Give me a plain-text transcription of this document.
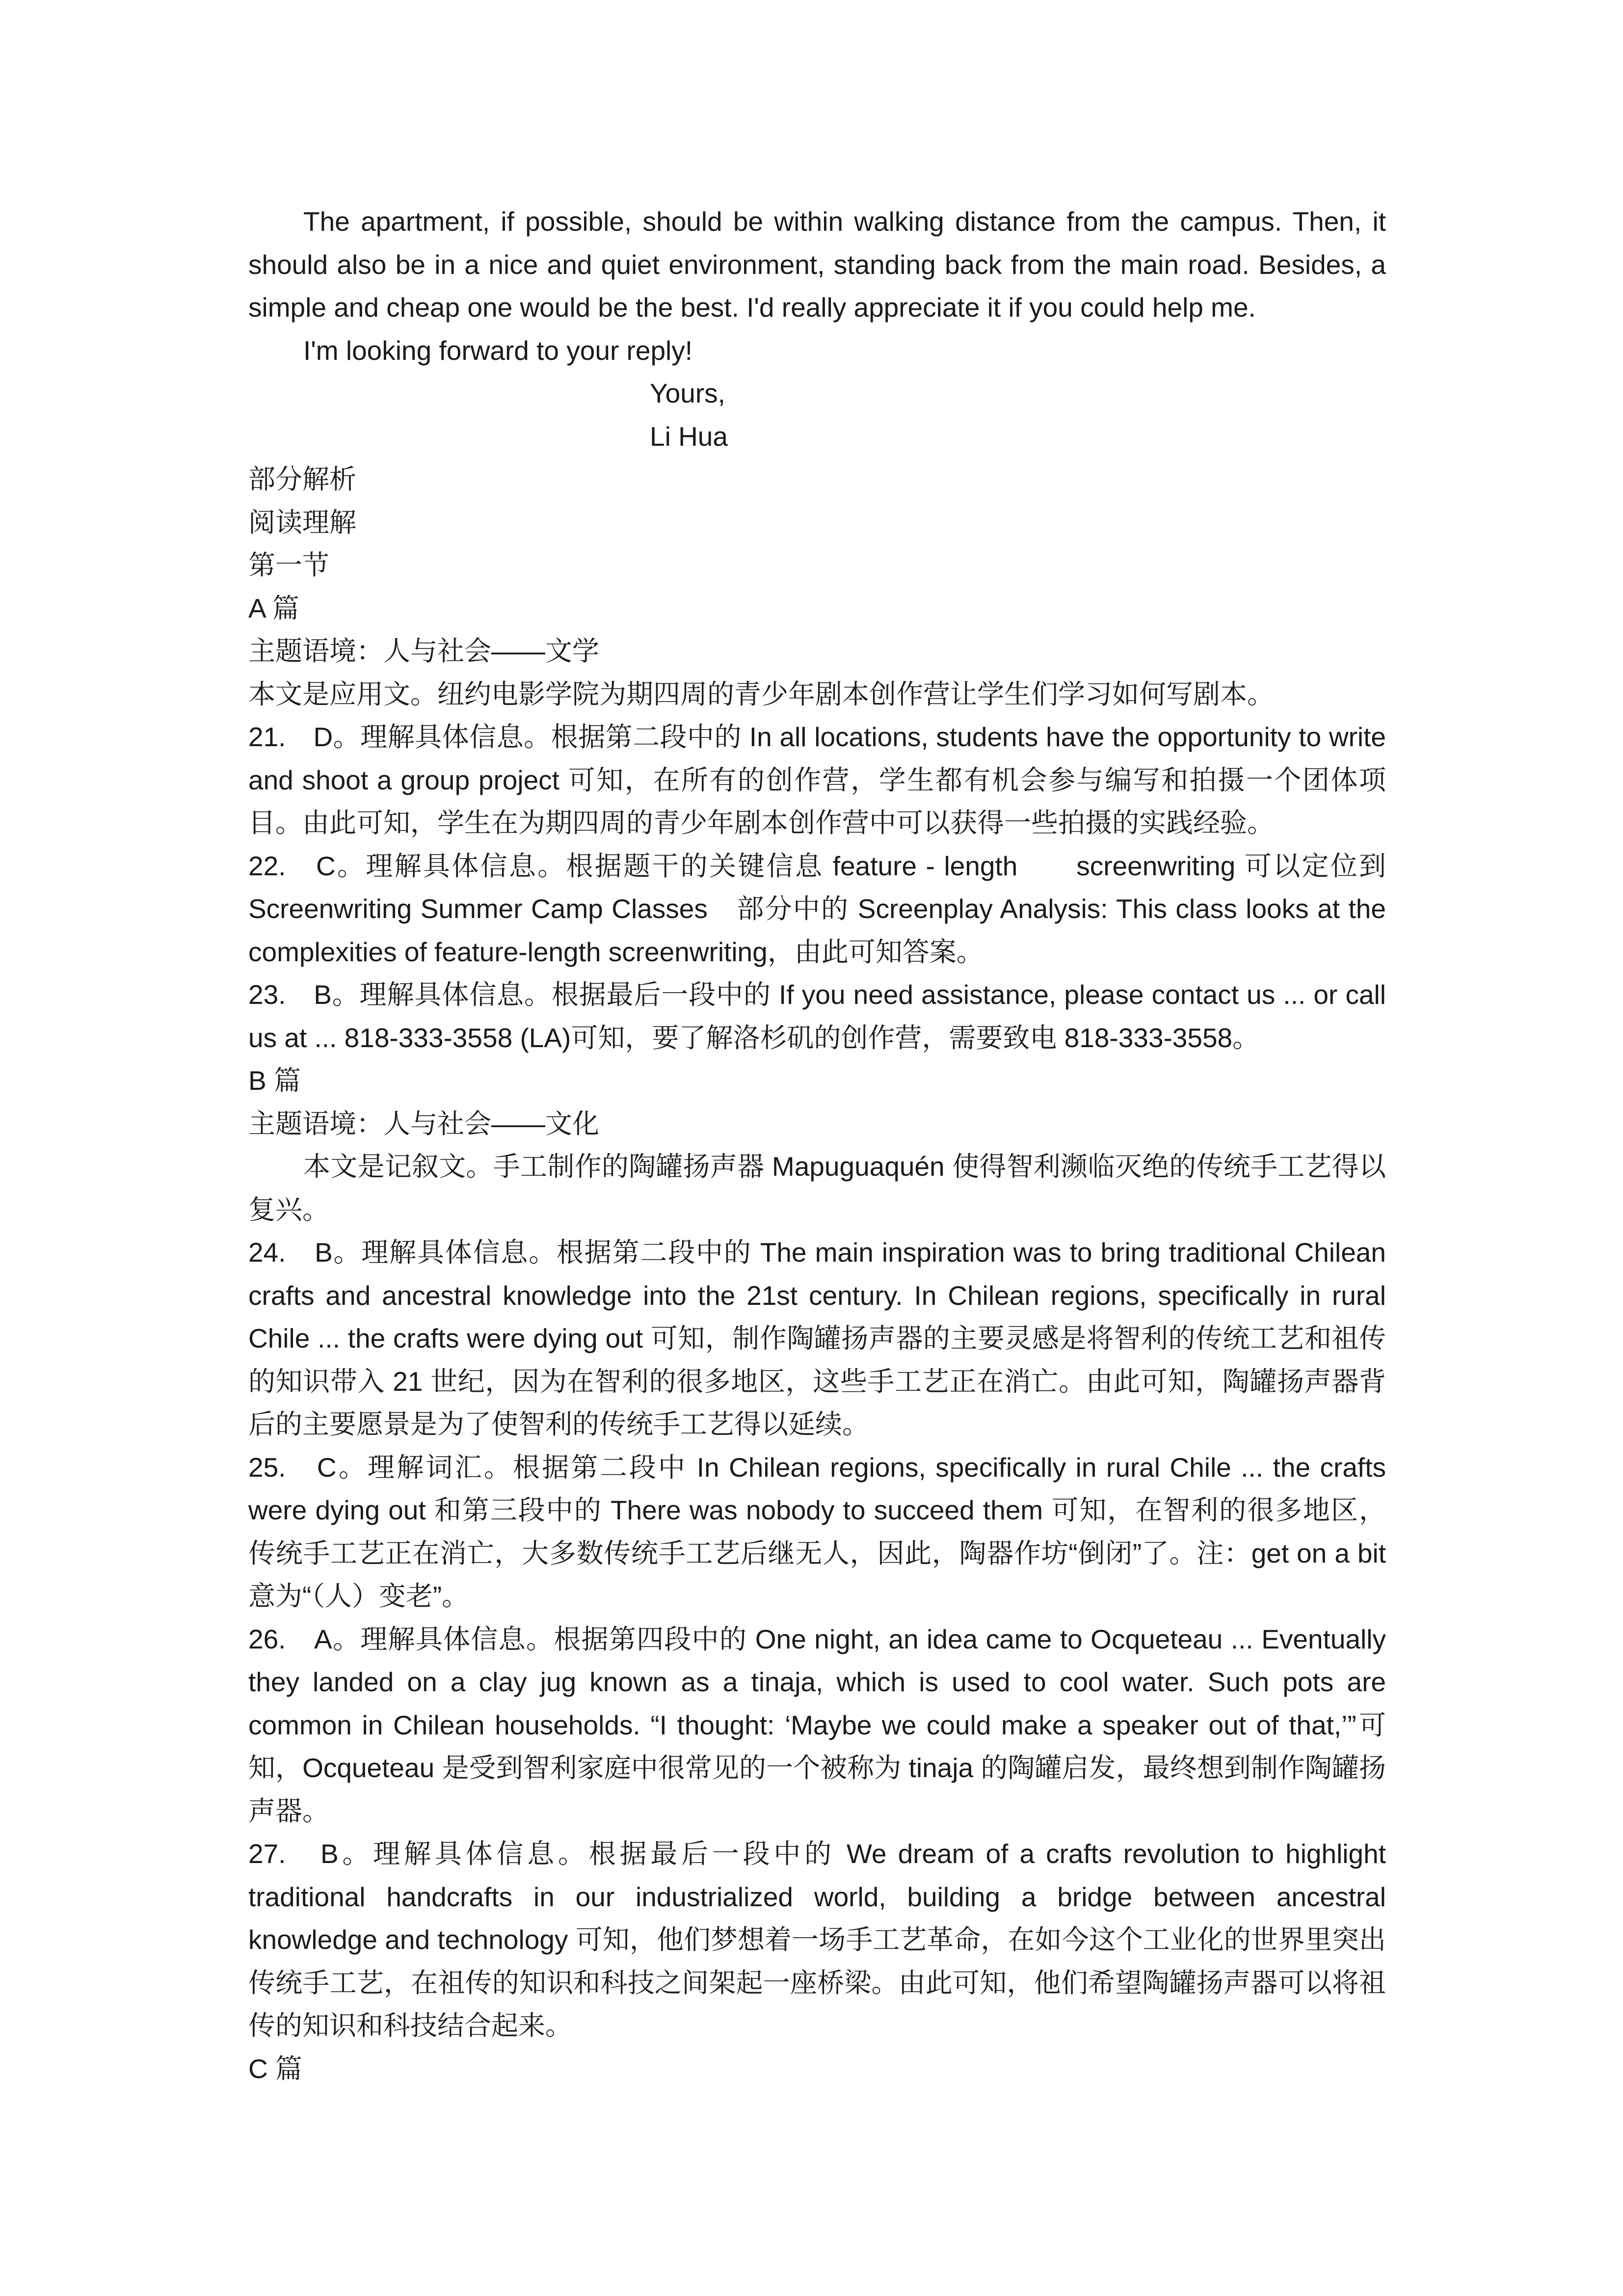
The apartment, if possible, should be within walking distance from the campus. Then, it should also be in a nice and quiet environment, standing back from the main road. Besides, a simple and cheap one would be the best. I'd really appreciate it if you could help me.

I'm looking forward to your reply!

Yours,

Li Hua

部分解析

阅读理解

第一节

A 篇

主题语境：人与社会——文学

本文是应用文。纽约电影学院为期四周的青少年剧本创作营让学生们学习如何写剧本。

21.　D。理解具体信息。根据第二段中的 In all locations, students have the opportunity to write and shoot a group project 可知，在所有的创作营，学生都有机会参与编写和拍摄一个团体项目。由此可知，学生在为期四周的青少年剧本创作营中可以获得一些拍摄的实践经验。

22.　C。理解具体信息。根据题干的关键信息 feature - length　　screenwriting 可以定位到 Screenwriting Summer Camp Classes　部分中的 Screenplay Analysis: This class looks at the complexities of feature-length screenwriting，由此可知答案。

23.　B。理解具体信息。根据最后一段中的 If you need assistance, please contact us ... or call us at ... 818-333-3558 (LA)可知，要了解洛杉矶的创作营，需要致电 818-333-3558。

B 篇

主题语境：人与社会——文化

本文是记叙文。手工制作的陶罐扬声器 Mapuguaquén 使得智利濒临灭绝的传统手工艺得以复兴。

24.　B。理解具体信息。根据第二段中的 The main inspiration was to bring traditional Chilean crafts and ancestral knowledge into the 21st century. In Chilean regions, specifically in rural Chile ... the crafts were dying out 可知，制作陶罐扬声器的主要灵感是将智利的传统工艺和祖传的知识带入 21 世纪，因为在智利的很多地区，这些手工艺正在消亡。由此可知，陶罐扬声器背后的主要愿景是为了使智利的传统手工艺得以延续。

25.　C。理解词汇。根据第二段中 In Chilean regions, specifically in rural Chile ... the crafts were dying out 和第三段中的 There was nobody to succeed them 可知，在智利的很多地区，传统手工艺正在消亡，大多数传统手工艺后继无人，因此，陶器作坊“倒闭”了。注：get on a bit 意为“（人）变老”。

26.　A。理解具体信息。根据第四段中的 One night, an idea came to Ocqueteau ... Eventually they landed on a clay jug known as a tinaja, which is used to cool water. Such pots are common in Chilean households. “I thought: ‘Maybe we could make a speaker out of that,’”可知，Ocqueteau 是受到智利家庭中很常见的一个被称为 tinaja 的陶罐启发，最终想到制作陶罐扬声器。

27.　B。理解具体信息。根据最后一段中的 We dream of a crafts revolution to highlight traditional handcrafts in our industrialized world, building a bridge between ancestral knowledge and technology 可知，他们梦想着一场手工艺革命，在如今这个工业化的世界里突出传统手工艺，在祖传的知识和科技之间架起一座桥梁。由此可知，他们希望陶罐扬声器可以将祖传的知识和科技结合起来。

C 篇
